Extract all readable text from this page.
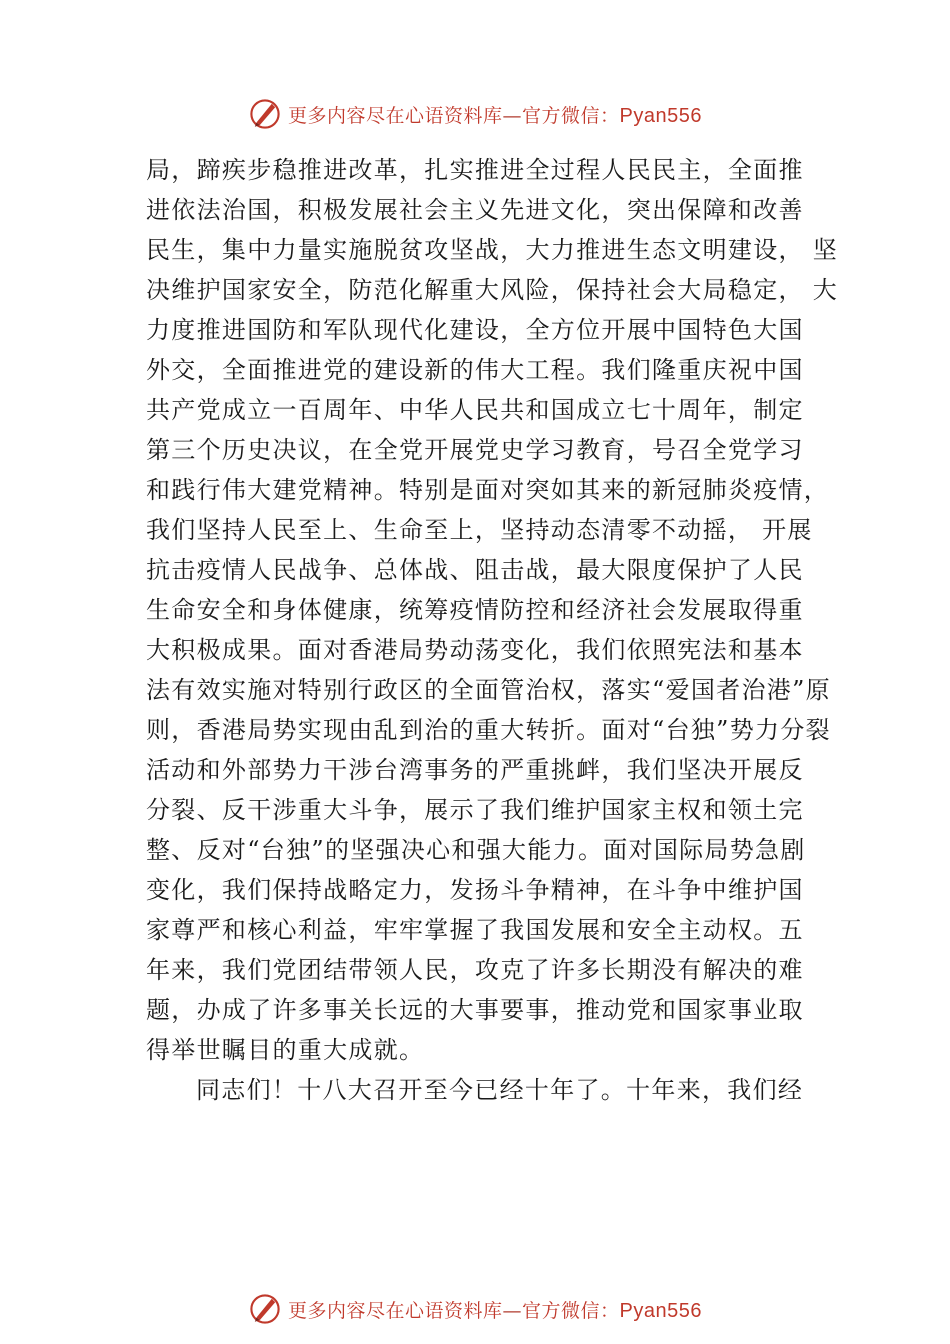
更多内容尽在心语资料库—官方微信：Pyan556
局，蹄疾步稳推进改革，扎实推进全过程人民民主，全面推
进依法治国，积极发展社会主义先进文化，突出保障和改善
民生，集中力量实施脱贫攻坚战，大力推进生态文明建设， 坚
决维护国家安全，防范化解重大风险，保持社会大局稳定， 大
力度推进国防和军队现代化建设，全方位开展中国特色大国
外交，全面推进党的建设新的伟大工程。我们隆重庆祝中国
共产党成立一百周年、中华人民共和国成立七十周年，制定
第三个历史决议，在全党开展党史学习教育，号召全党学习
和践行伟大建党精神。特别是面对突如其来的新冠肺炎疫情，
我们坚持人民至上、生命至上，坚持动态清零不动摇， 开展
抗击疫情人民战争、总体战、阻击战，最大限度保护了人民
生命安全和身体健康，统筹疫情防控和经济社会发展取得重
大积极成果。面对香港局势动荡变化，我们依照宪法和基本
法有效实施对特别行政区的全面管治权，落实“爱国者治港”原
则，香港局势实现由乱到治的重大转折。面对“台独”势力分裂
活动和外部势力干涉台湾事务的严重挑衅，我们坚决开展反
分裂、反干涉重大斗争，展示了我们维护国家主权和领土完
整、反对“台独”的坚强决心和强大能力。面对国际局势急剧
变化，我们保持战略定力，发扬斗争精神，在斗争中维护国
家尊严和核心利益，牢牢掌握了我国发展和安全主动权。五
年来，我们党团结带领人民，攻克了许多长期没有解决的难
题，办成了许多事关长远的大事要事，推动党和国家事业取
得举世瞩目的重大成就。
同志们！十八大召开至今已经十年了。十年来，我们经
更多内容尽在心语资料库—官方微信：Pyan556
